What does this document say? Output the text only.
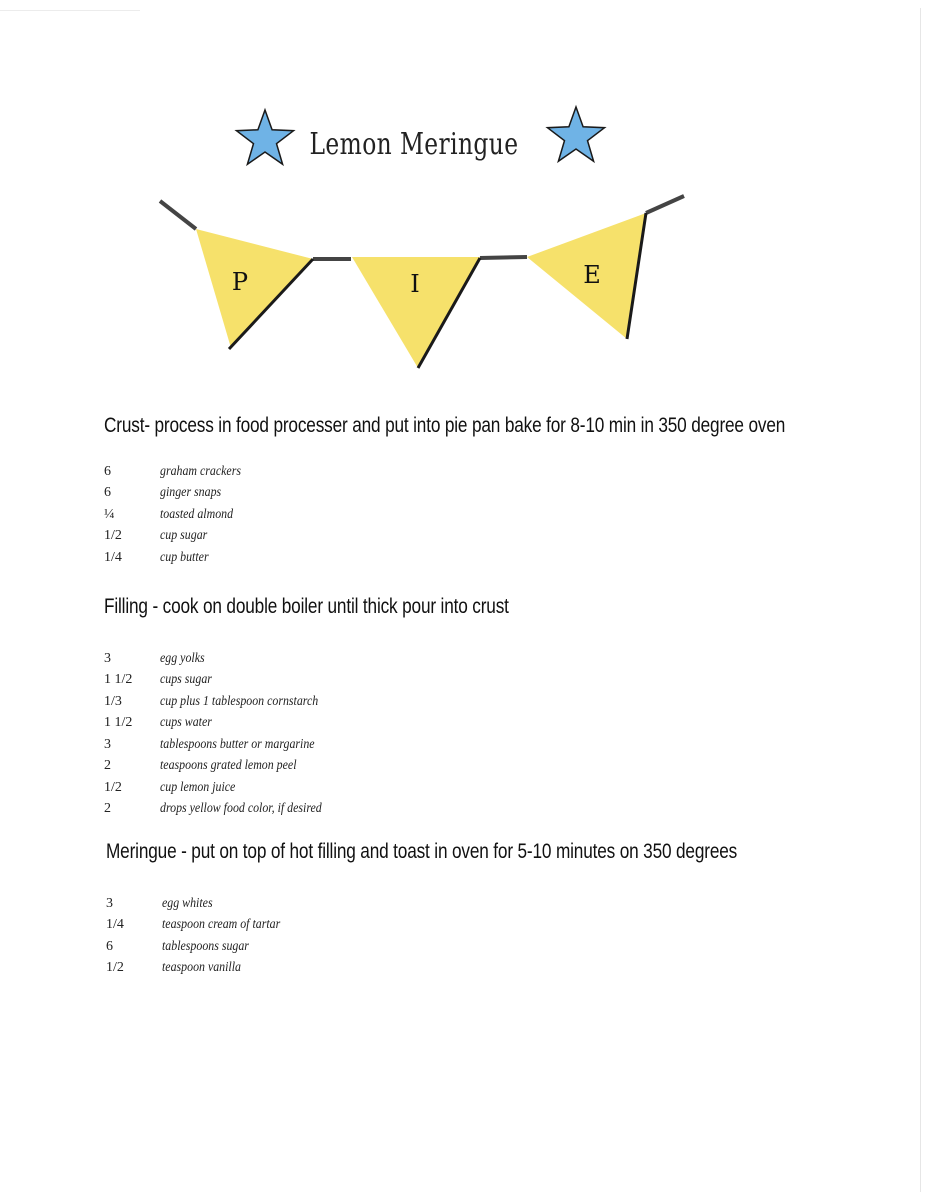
Lemon Meringue
P	I	E
Crust- process in food processer and put into pie pan bake for 8-10 min in 350 degree oven
6	graham crackers
6	ginger snaps
¼	toasted almond
1/2	cup sugar
1/4	cup butter
Filling - cook on double boiler until thick pour into crust
3	egg yolks
1 1/2	cups sugar
1/3	cup plus 1 tablespoon cornstarch
1 1/2	cups water
3	tablespoons butter or margarine
2	teaspoons grated lemon peel
1/2	cup lemon juice
2	drops yellow food color, if desired
Meringue - put on top of hot filling and toast in oven for 5-10 minutes on 350 degrees
3	egg whites
1/4	teaspoon cream of tartar
6	tablespoons sugar
1/2	teaspoon vanilla
